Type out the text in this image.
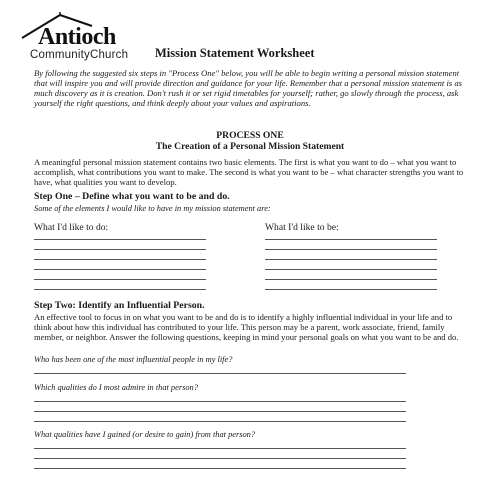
Antioch
CommunityChurch Mission Statement Worksheet

By following the suggested six steps in "Process One" below, you will be able to begin writing a personal mission statement that will inspire you and will provide direction and guidance for your life. Remember that a personal mission statement is as much discovery as it is creation. Don't rush it or set rigid timetables for yourself; rather, go slowly through the process, ask yourself the right questions, and think deeply about your values and aspirations.

PROCESS ONE
The Creation of a Personal Mission Statement

A meaningful personal mission statement contains two basic elements. The first is what you want to do – what you want to accomplish, what contributions you want to make. The second is what you want to be – what character strengths you want to have, what qualities you want to develop.

Step One – Define what you want to be and do.
Some of the elements I would like to have in my mission statement are:
What I'd like to do:	What I'd like to be:
Step Two: Identify an Influential Person.

An effective tool to focus in on what you want to be and do is to identify a highly influential individual in your life and to think about how this individual has contributed to your life. This person may be a parent, work associate, friend, family member, or neighbor. Answer the following questions, keeping in mind your personal goals on what you want to be and do.

Who has been one of the most influential people in my life?
Which qualities do I most admire in that person?
What qualities have I gained (or desire to gain) from that person?
